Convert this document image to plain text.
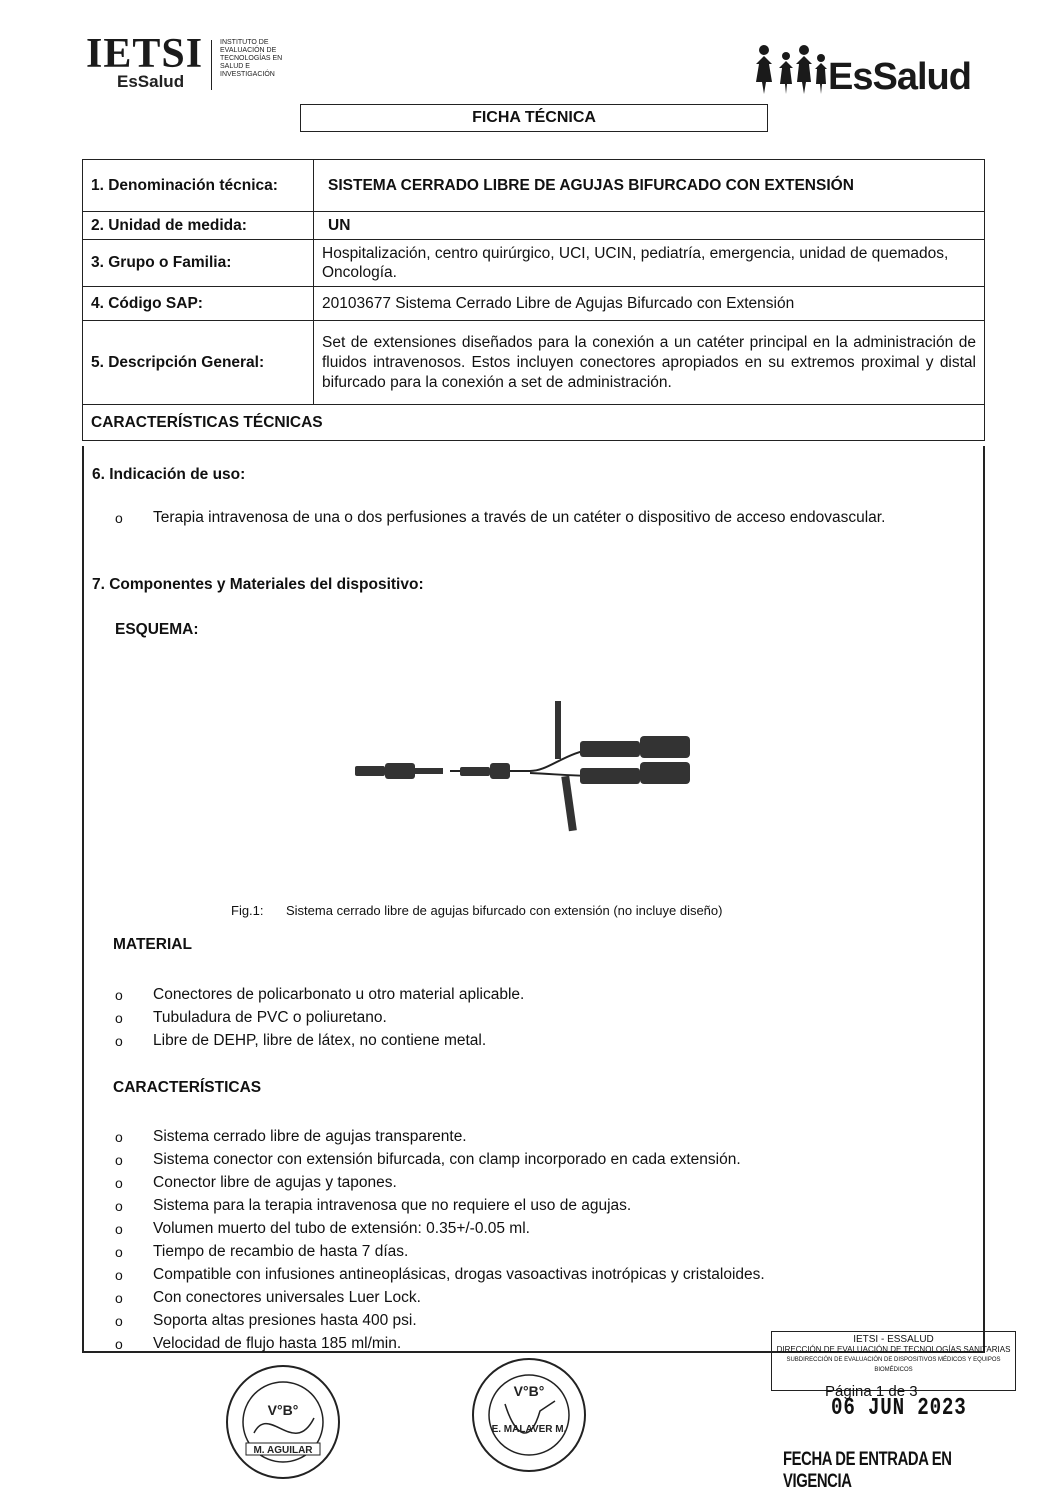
IETSI
EsSalud
INSTITUTO DE EVALUACIÓN DE TECNOLOGÍAS EN SALUD E INVESTIGACIÓN	EsSalud
FICHA TÉCNICA
1. Denominación técnica:	SISTEMA CERRADO LIBRE DE AGUJAS BIFURCADO CON EXTENSIÓN
2. Unidad de medida:	UN
3. Grupo o Familia:	Hospitalización, centro quirúrgico, UCI, UCIN, pediatría, emergencia, unidad de quemados, Oncología.
4. Código SAP:	20103677 Sistema Cerrado Libre de Agujas Bifurcado con Extensión
5. Descripción General:	Set de extensiones diseñados para la conexión a un catéter principal en la administración de fluidos intravenosos. Estos incluyen conectores apropiados en su extremos proximal y distal bifurcado para la conexión a set de administración.
CARACTERÍSTICAS TÉCNICAS	
6. Indicación de uso:
o Terapia intravenosa de una o dos perfusiones a través de un catéter o dispositivo de acceso endovascular.
7. Componentes y Materiales del dispositivo:
ESQUEMA:
Fig.1: Sistema cerrado libre de agujas bifurcado con extensión (no incluye diseño)
MATERIAL
o Conectores de policarbonato u otro material aplicable.
o Tubuladura de PVC o poliuretano.
o Libre de DEHP, libre de látex, no contiene metal.
CARACTERÍSTICAS
o Sistema cerrado libre de agujas transparente.
o Sistema conector con extensión bifurcada, con clamp incorporado en cada extensión.
o Conector libre de agujas y tapones.
o Sistema para la terapia intravenosa que no requiere el uso de agujas.
o Volumen muerto del tubo de extensión: 0.35+/-0.05 ml.
o Tiempo de recambio de hasta 7 días.
o Compatible con infusiones antineoplásicas, drogas vasoactivas inotrópicas y cristaloides.
o Con conectores universales Luer Lock.
o Soporta altas presiones hasta 400 psi.
o Velocidad de flujo hasta 185 ml/min.
V°B°
M. AGUILAR
V°B°
E. MALAVER M.
IETSI - ESSALUD
DIRECCIÓN DE EVALUACIÓN DE TECNOLOGÍAS SANITARIAS
SUBDIRECCIÓN DE EVALUACIÓN DE DISPOSITIVOS MÉDICOS Y EQUIPOS BIOMÉDICOS
Página 1 de 3
06 JUN 2023
FECHA DE ENTRADA EN VIGENCIA
